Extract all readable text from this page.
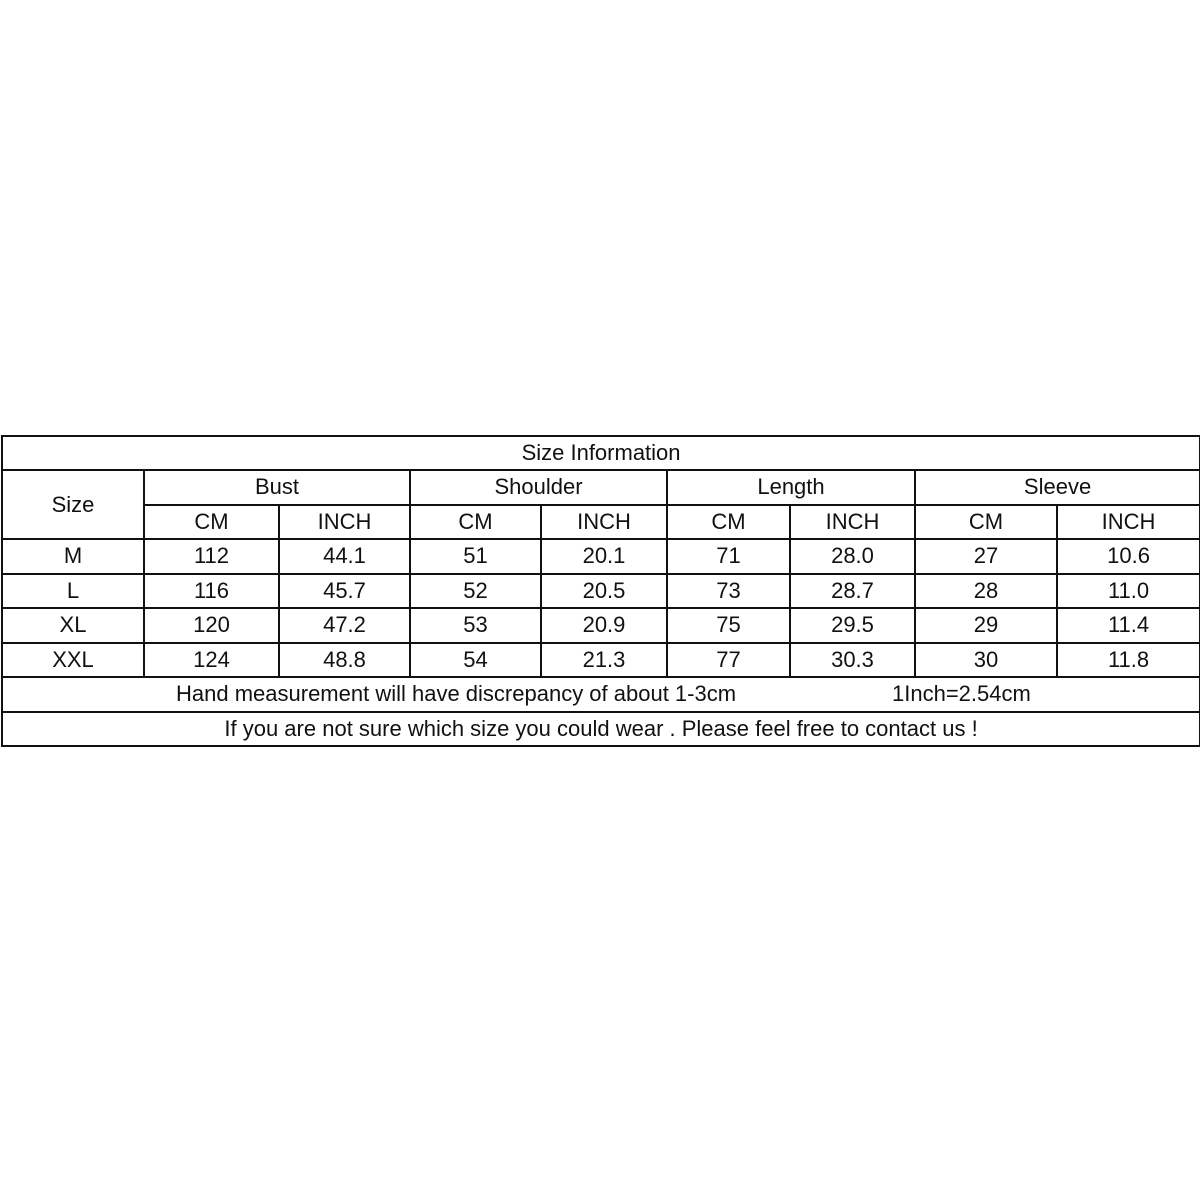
Size Information								
Size	Bust		Shoulder		Length		Sleeve	
	CM	INCH	CM	INCH	CM	INCH	CM	INCH
M	112	44.1	51	20.1	71	28.0	27	10.6
L	116	45.7	52	20.5	73	28.7	28	11.0
XL	120	47.2	53	20.9	75	29.5	29	11.4
XXL	124	48.8	54	21.3	77	30.3	30	11.8

Hand measurement will have discrepancy of about 1-3cm 1Inch=2.54cm								

If you are not sure which size you could wear . Please feel free to contact us !								
